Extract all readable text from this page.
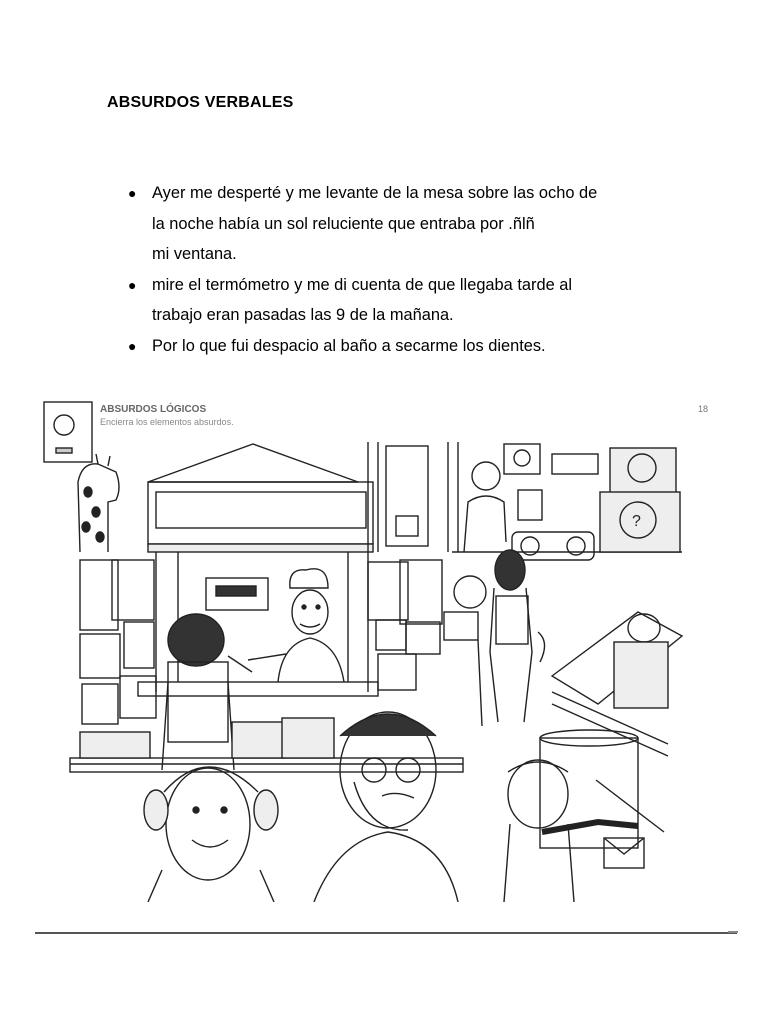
ABSURDOS VERBALES
● Ayer me desperté y me levante de la mesa sobre las ocho de
la noche había un sol reluciente que entraba por .ñlñ
mi ventana.
● mire el termómetro y me di cuenta de que llegaba tarde al
trabajo eran pasadas las 9 de la mañana.
● Por lo que fui despacio al baño a secarme los dientes.
ABSURDOS LÓGICOS
Encierra los elementos absurdos.
18
?
